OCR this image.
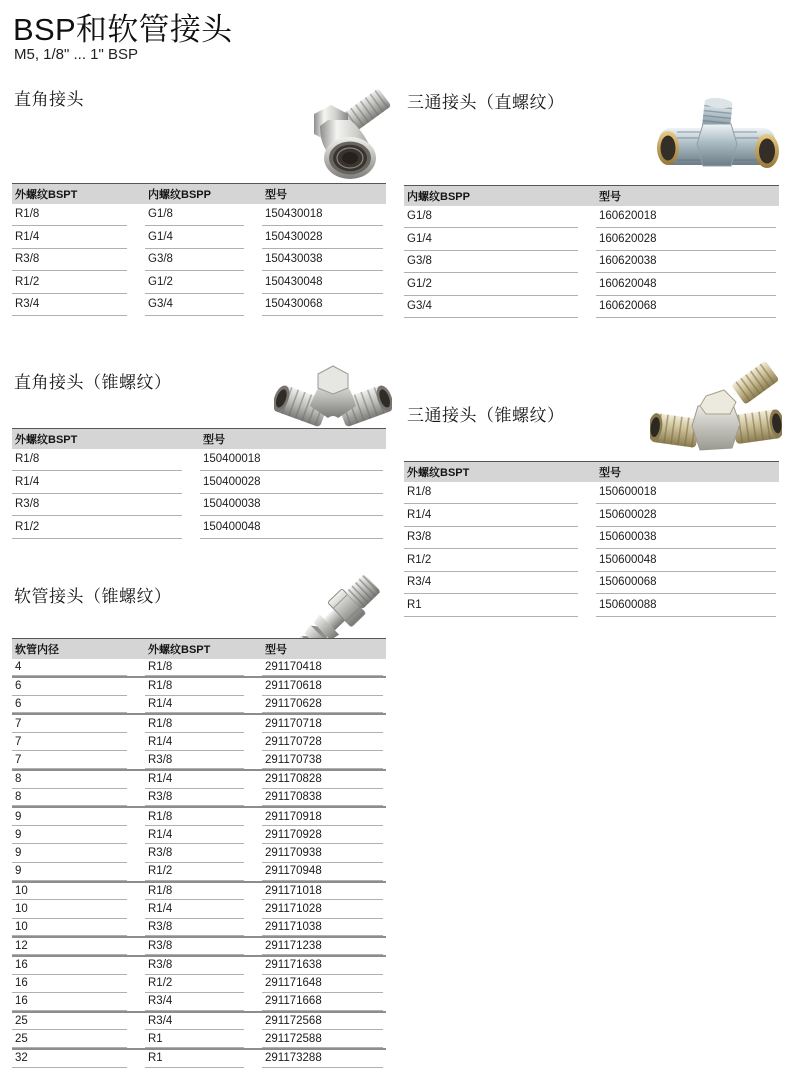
BSP和软管接头
M5, 1/8" ... 1" BSP
直角接头
外螺纹BSPT	内螺纹BSPP	型号

R1/8	G1/8	150430018

R1/4	G1/4	150430028

R3/8	G3/8	150430038

R1/2	G1/2	150430048

R3/4	G3/4	150430068
三通接头（直螺纹）
内螺纹BSPP	型号

G1/8	160620018

G1/4	160620028

G3/8	160620038

G1/2	160620048

G3/4	160620068
直角接头（锥螺纹）
外螺纹BSPT	型号

R1/8	150400018

R1/4	150400028

R3/8	150400038

R1/2	150400048
三通接头（锥螺纹）
外螺纹BSPT	型号

R1/8	150600018

R1/4	150600028

R3/8	150600038

R1/2	150600048

R3/4	150600068

R1	150600088
软管接头（锥螺纹）
软管内径	外螺纹BSPT	型号

4	R1/8	291170418

6	R1/8	291170618

6	R1/4	291170628

7	R1/8	291170718

7	R1/4	291170728

7	R3/8	291170738

8	R1/4	291170828

8	R3/8	291170838

9	R1/8	291170918

9	R1/4	291170928

9	R3/8	291170938

9	R1/2	291170948

10	R1/8	291171018

10	R1/4	291171028

10	R3/8	291171038

12	R3/8	291171238

16	R3/8	291171638

16	R1/2	291171648

16	R3/4	291171668

25	R3/4	291172568

25	R1	291172588

32	R1	291173288
